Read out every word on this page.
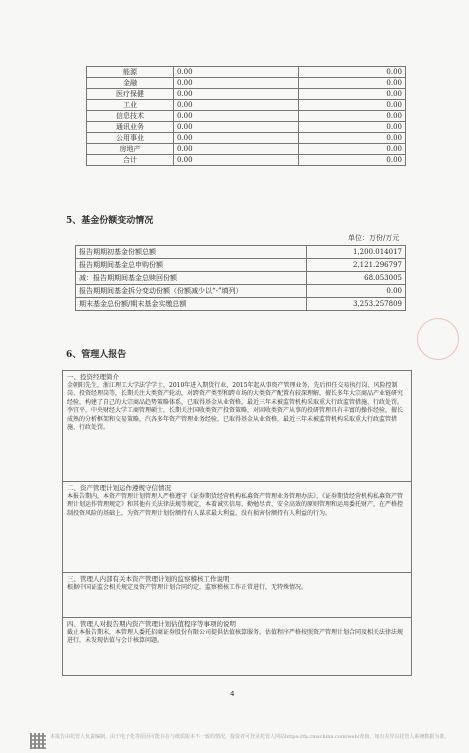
能源	0.00	0.00
金融	0.00	0.00
医疗保健	0.00	0.00
工业	0.00	0.00
信息技术	0.00	0.00
通讯业务	0.00	0.00
公用事业	0.00	0.00
房地产	0.00	0.00
合计	0.00	0.00
5、基金份额变动情况
单位：万份/万元
报告期期初基金份额总额	1,200.014017
报告期期间基金总申购份额	2,121.296797
减：报告期期间基金总赎回份额	68.053005
报告期期间基金拆分变动份额（份额减少以“-”填列）	0.00
期末基金总份额/期末基金实缴总额	3,253.257809
6、管理人报告
一、投资经理简介

金朝阳先生，浙江理工大学法学学士，2010年进入期货行业，2015年起从事资产管理业务，先后担任交易执行岗、风险控制岗、投资经理岗等，长期关注大类资产轮动，对跨资产类型和跨市场的大类资产配置有较深理解，擅长多年大宗商品产业链研究经验，构建了自己的大宗商品趋势策略体系，已取得基金从业资格，最近三年未被监管机构采取重大行政监管措施、行政处罚。李宜平，中央财经大学工商管理硕士，长期关注国收类资产投资策略，对固收类资产从事的投研管理具有丰富的操作经验，擅长成熟的分析框架和交易策略，汽各多年资产管理业务经验，已取得基金从业资格，最近三年未被监管机构采取重大行政监管措施、行政处罚。

二、资产管理计划运作遵规守信情况

本报告期内，本资产管理计划管理人严格遵守《证券期货经营机构私募资产管理业务管理办法》、《证券期货经营机构私募资产管理计划运作管理规定》和其他有关法律法规等规定，本着诚实信用、勤勉尽责、安全高效的原则管理和运用委托财产，在严格控制投资风险的基础上，为资产管理计划份额持有人谋求最大利益。没有损害份额持有人利益的行为。

三、管理人内部有关本资产管理计划的监察稽核工作说明

根据中国证监会相关规定及资产管理计划合同约定，监察稽核工作正常进行，无特殊情况。

四、管理人对报告期内资产管理计划估值程序等事项的说明

截止本报告期末，本管理人委托招商证券股份有限公司提供估值核算服务。估值程序严格按照资产管理计划合同及相关法律法规进行，未发现估值与会计核算问题。

4
本报告由托管人负责编制，由于电子化等原因可能存在与纸质版本不一致的情况，投资者可登录托管人网站https://fa.cmschina.com/web/查询，如有差异以托管人系统数据为准。
